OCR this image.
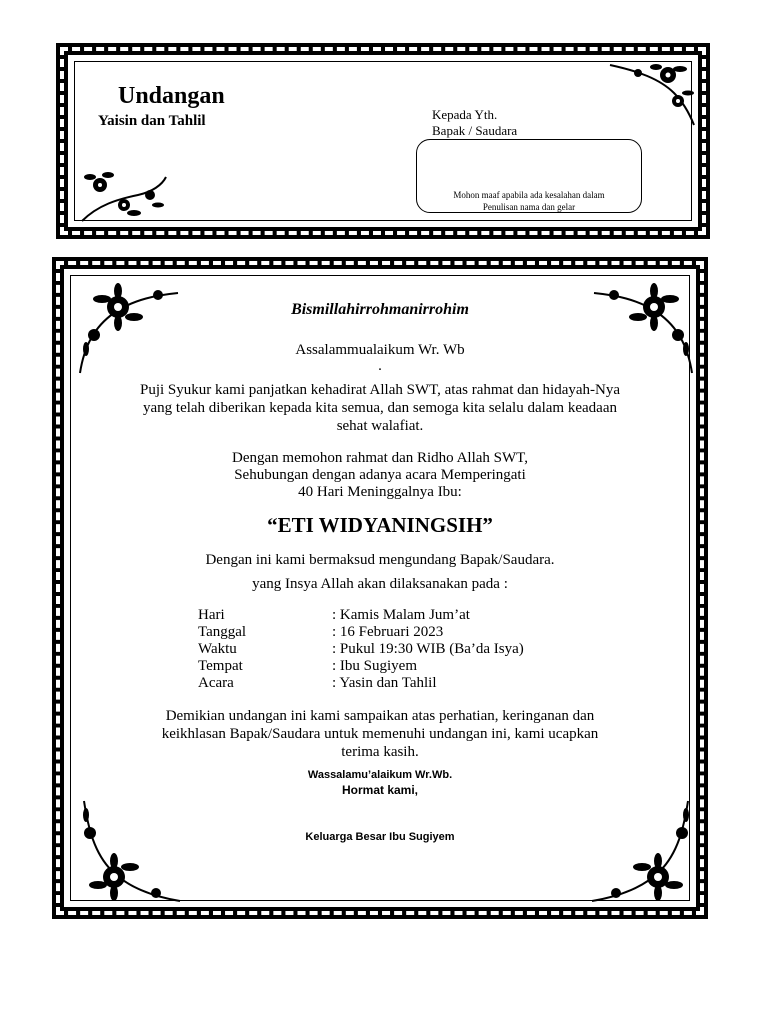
Undangan
Yaisin dan Tahlil	Kepada Yth.
Bapak / Saudara
Mohon maaf apabila ada kesalahan dalam
Penulisan nama dan gelar
Bismillahirrohmanirrohim
Assalammualaikum Wr. Wb
.
Puji Syukur kami panjatkan kehadirat Allah SWT, atas rahmat dan hidayah-Nya
yang telah diberikan kepada kita semua, dan semoga kita selalu dalam keadaan
sehat walafiat.
Dengan memohon rahmat dan Ridho Allah SWT,
Sehubungan dengan adanya acara Memperingati
40 Hari Meninggalnya Ibu:
“ETI WIDYANINGSIH”
Dengan ini kami bermaksud mengundang Bapak/Saudara.
yang Insya Allah akan dilaksanakan pada :
Hari	: Kamis Malam Jum’at
Tanggal	: 16 Februari 2023
Waktu	: Pukul 19:30 WIB (Ba’da Isya)
Tempat	: Ibu Sugiyem
Acara	: Yasin dan Tahlil
Demikian undangan ini kami sampaikan atas perhatian, keringanan dan
keikhlasan Bapak/Saudara untuk memenuhi undangan ini, kami ucapkan
terima kasih.
Wassalamu’alaikum Wr.Wb.
Hormat kami,
Keluarga Besar Ibu Sugiyem
